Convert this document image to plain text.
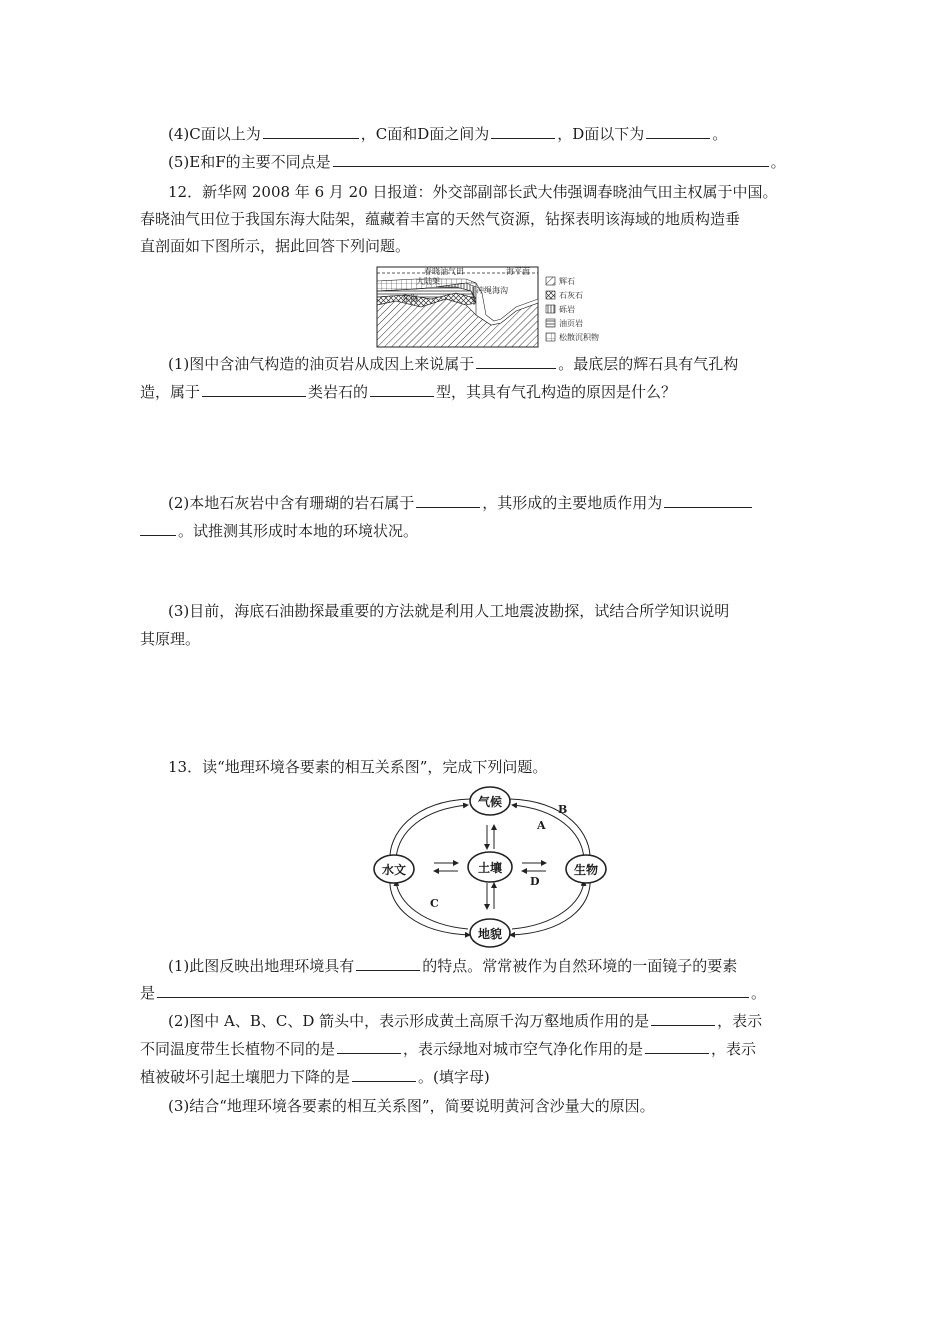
(4)C面以上为	，C面和D面之间为	，D面以下为	。
(5)E和F的主要不同点是	。
12．新华网 2008 年 6 月 20 日报道：外交部副部长武大伟强调春晓油气田主权属于中国。
春晓油气田位于我国东海大陆架，蕴藏着丰富的天然气资源，钻探表明该海域的地质构造垂
直剖面如下图所示，据此回答下列问题。
春晓油气田	海平面
大陆架
冲绳海沟
东海
辉石
石灰石
砾岩
油页岩
松散沉积物
(1)图中含油气构造的油页岩从成因上来说属于	。最底层的辉石具有气孔构
造，属于	类岩石的	型，其具有气孔构造的原因是什么？
(2)本地石灰岩中含有珊瑚的岩石属于	，其形成的主要地质作用为
。试推测其形成时本地的环境状况。
(3)目前，海底石油勘探最重要的方法就是利用人工地震波勘探，试结合所学知识说明
其原理。
13．读“地理环境各要素的相互关系图”，完成下列问题。
气候
水文	土壤	生物
地貌
A
B
C
D
(1)此图反映出地理环境具有	的特点。常常被作为自然环境的一面镜子的要素
是	。
(2)图中 A、B、C、D 箭头中，表示形成黄土高原千沟万壑地质作用的是	，表示
不同温度带生长植物不同的是	，表示绿地对城市空气净化作用的是	，表示
植被破坏引起土壤肥力下降的是	。(填字母)
(3)结合“地理环境各要素的相互关系图”，简要说明黄河含沙量大的原因。
